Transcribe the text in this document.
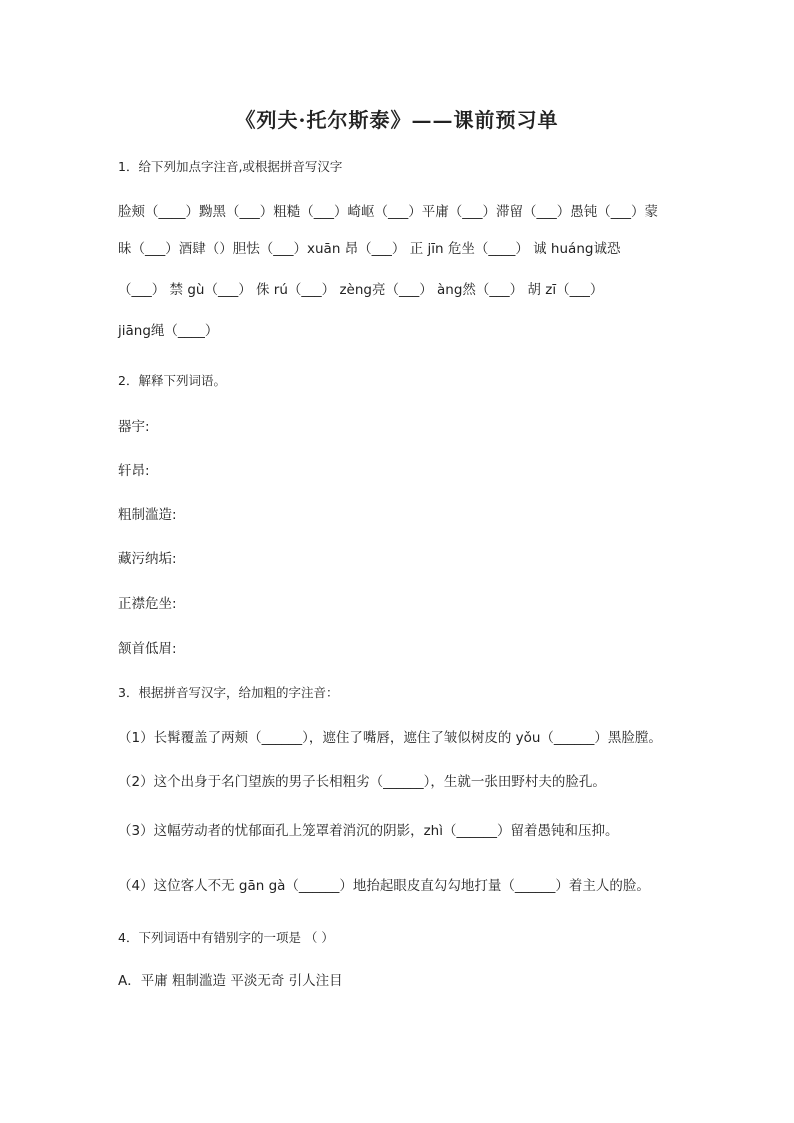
《列夫·托尔斯泰》——课前预习单
1．给下列加点字注音,或根据拼音写汉字
脸颊（____）黝黑（___）粗糙（___）崎岖（___）平庸（___）滞留（___）愚钝（___）蒙
昧（___）酒肆（）胆怯（___）xuān 昂（___） 正 jīn 危坐（____） 诚 huáng诚恐
（___） 禁 gù（___） 侏 rú（___） zèng亮（___） àng然（___） 胡 zī（___）
jiāng绳（____）
2．解释下列词语。
器宇:
轩昂:
粗制滥造:
藏污纳垢:
正襟危坐:
颔首低眉:
3．根据拼音写汉字，给加粗的字注音：
（1）长髯覆盖了两颊（______），遮住了嘴唇，遮住了皱似树皮的 yǒu（______）黑脸膛。
（2）这个出身于名门望族的男子长相粗劣（______），生就一张田野村夫的脸孔。
（3）这幅劳动者的忧郁面孔上笼罩着消沉的阴影，zhì（______）留着愚钝和压抑。
（4）这位客人不无 gān gà（______）地抬起眼皮直勾勾地打量（______）着主人的脸。
4．下列词语中有错别字的一项是 （ ）
A．平庸 粗制滥造 平淡无奇 引人注目
